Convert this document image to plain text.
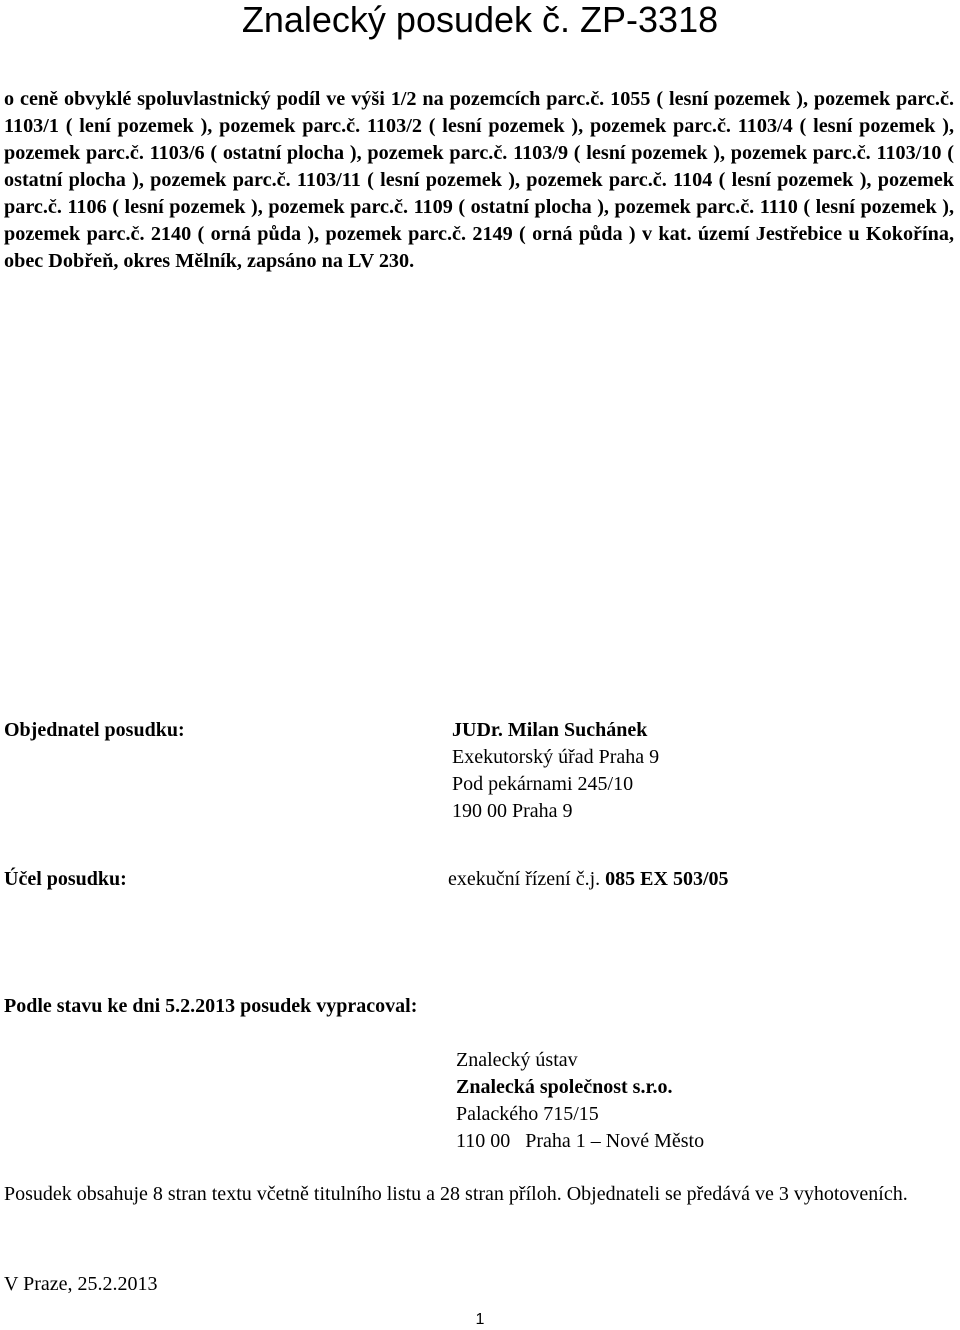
Znalecký posudek č. ZP-3318

o ceně obvyklé spoluvlastnický podíl ve výši 1/2 na pozemcích parc.č. 1055 ( lesní pozemek ), pozemek parc.č. 1103/1 ( lení pozemek ), pozemek parc.č. 1103/2 ( lesní pozemek ), pozemek parc.č. 1103/4 ( lesní pozemek ), pozemek parc.č. 1103/6 ( ostatní plocha ), pozemek parc.č. 1103/9 ( lesní pozemek ), pozemek parc.č. 1103/10 ( ostatní plocha ), pozemek parc.č. 1103/11 ( lesní pozemek ), pozemek parc.č. 1104 ( lesní pozemek ), pozemek parc.č. 1106 ( lesní pozemek ), pozemek parc.č. 1109 ( ostatní plocha ), pozemek parc.č. 1110 ( lesní pozemek ), pozemek parc.č. 2140 ( orná půda ), pozemek parc.č. 2149 ( orná půda ) v kat. území Jestřebice u Kokořína, obec Dobřeň, okres Mělník, zapsáno na LV 230.

Objednatel posudku:	JUDr. Milan Suchánek
Exekutorský úřad Praha 9
Pod pekárnami 245/10
190 00 Praha 9
Účel posudku:	exekuční řízení č.j. 085 EX 503/05
Podle stavu ke dni 5.2.2013 posudek vypracoval:
Znalecký ústav
Znalecká společnost s.r.o.
Palackého 715/15
110 00   Praha 1 – Nové Město

Posudek obsahuje 8 stran textu včetně titulního listu a 28 stran příloh. Objednateli se předává ve 3 vyhotoveních.

V Praze, 25.2.2013
1
